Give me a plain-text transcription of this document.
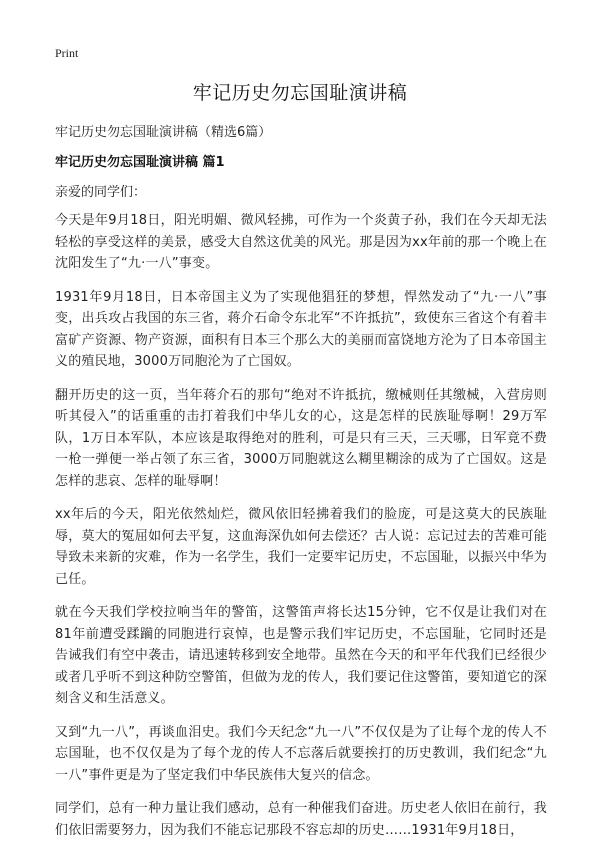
Print
牢记历史勿忘国耻演讲稿
牢记历史勿忘国耻演讲稿（精选6篇）
牢记历史勿忘国耻演讲稿 篇1
亲爱的同学们：

今天是年9月18日，阳光明媚、微风轻拂，可作为一个炎黄子孙，我们在今天却无法轻松的享受这样的美景，感受大自然这优美的风光。那是因为xx年前的那一个晚上在沈阳发生了“九·一八”事变。

1931年9月18日，日本帝国主义为了实现他猖狂的梦想，悍然发动了“九·一八”事变，出兵攻占我国的东三省，蒋介石命令东北军“不许抵抗”，致使东三省这个有着丰富矿产资源、物产资源，面积有日本三个那么大的美丽而富饶地方沦为了日本帝国主义的殖民地，3000万同胞沦为了亡国奴。

翻开历史的这一页，当年蒋介石的那句“绝对不许抵抗，缴械则任其缴械，入营房则听其侵入”的话重重的击打着我们中华儿女的心，这是怎样的民族耻辱啊！29万军队，1万日本军队，本应该是取得绝对的胜利，可是只有三天，三天哪，日军竟不费一枪一弹便一举占领了东三省，3000万同胞就这么糊里糊涂的成为了亡国奴。这是怎样的悲哀、怎样的耻辱啊！

xx年后的今天，阳光依然灿烂，微风依旧轻拂着我们的脸庞，可是这莫大的民族耻辱，莫大的冤屈如何去平复，这血海深仇如何去偿还？古人说：忘记过去的苦难可能导致未来新的灾难，作为一名学生，我们一定要牢记历史，不忘国耻，以振兴中华为己任。

就在今天我们学校拉响当年的警笛，这警笛声将长达15分钟，它不仅是让我们对在81年前遭受蹂躏的同胞进行哀悼，也是警示我们牢记历史，不忘国耻，它同时还是告诫我们有空中袭击，请迅速转移到安全地带。虽然在今天的和平年代我们已经很少或者几乎听不到这种防空警笛，但做为龙的传人，我们要记住这警笛，要知道它的深刻含义和生活意义。

又到“九一八”，再谈血泪史。我们今天纪念“九一八”不仅仅是为了让每个龙的传人不忘国耻，也不仅仅是为了每个龙的传人不忘落后就要挨打的历史教训，我们纪念“九一八”事件更是为了坚定我们中华民族伟大复兴的信念。

同学们，总有一种力量让我们感动，总有一种催我们奋进。历史老人依旧在前行，我们依旧需要努力，因为我们不能忘记那段不容忘却的历史……1931年9月18日，
